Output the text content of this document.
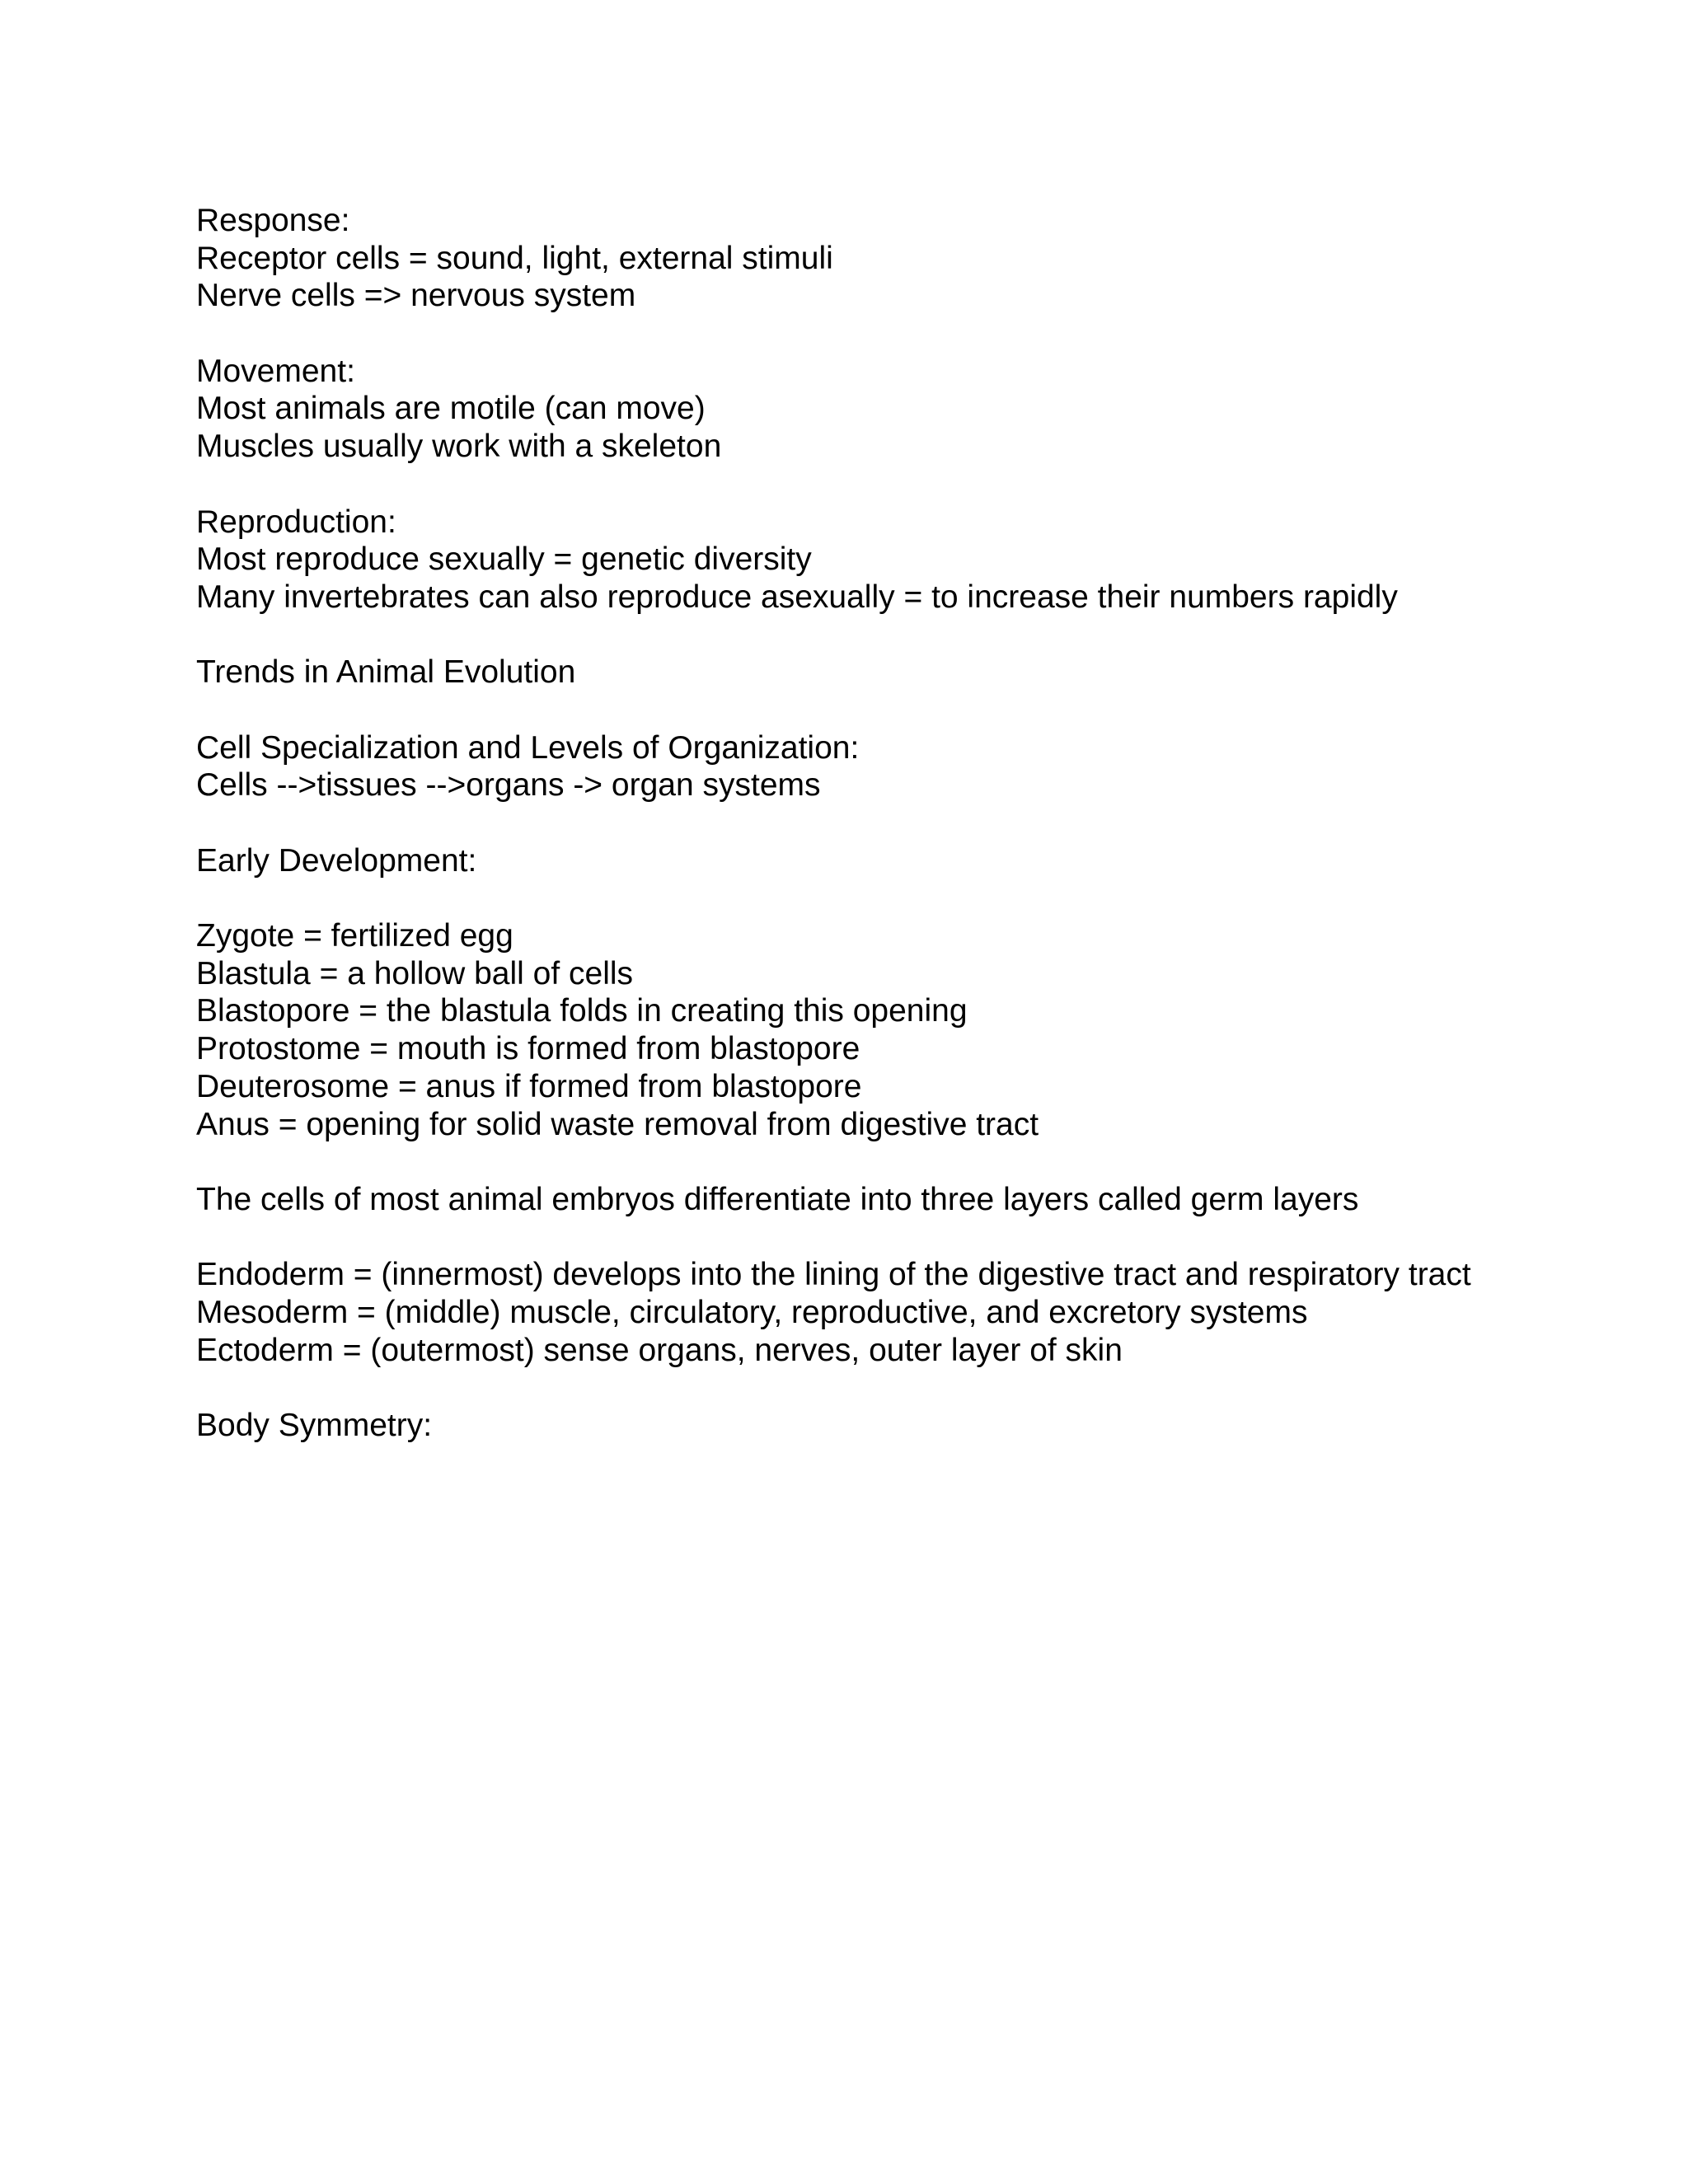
Response:
Receptor cells = sound, light, external stimuli
Nerve cells => nervous system
Movement:
Most animals are motile (can move)
Muscles usually work with a skeleton
Reproduction:
Most reproduce sexually = genetic diversity
Many invertebrates can also reproduce asexually = to increase their numbers rapidly
Trends in Animal Evolution
Cell Specialization and Levels of Organization:
Cells -->tissues -->organs -> organ systems
Early Development:
Zygote = fertilized egg
Blastula = a hollow ball of cells
Blastopore = the blastula folds in creating this opening
Protostome = mouth is formed from blastopore
Deuterosome = anus if formed from blastopore
Anus = opening for solid waste removal from digestive tract
The cells of most animal embryos differentiate into three layers called germ layers
Endoderm = (innermost) develops into the lining of the digestive tract and respiratory tract
Mesoderm = (middle) muscle, circulatory, reproductive, and excretory systems
Ectoderm = (outermost) sense organs, nerves, outer layer of skin
Body Symmetry:
